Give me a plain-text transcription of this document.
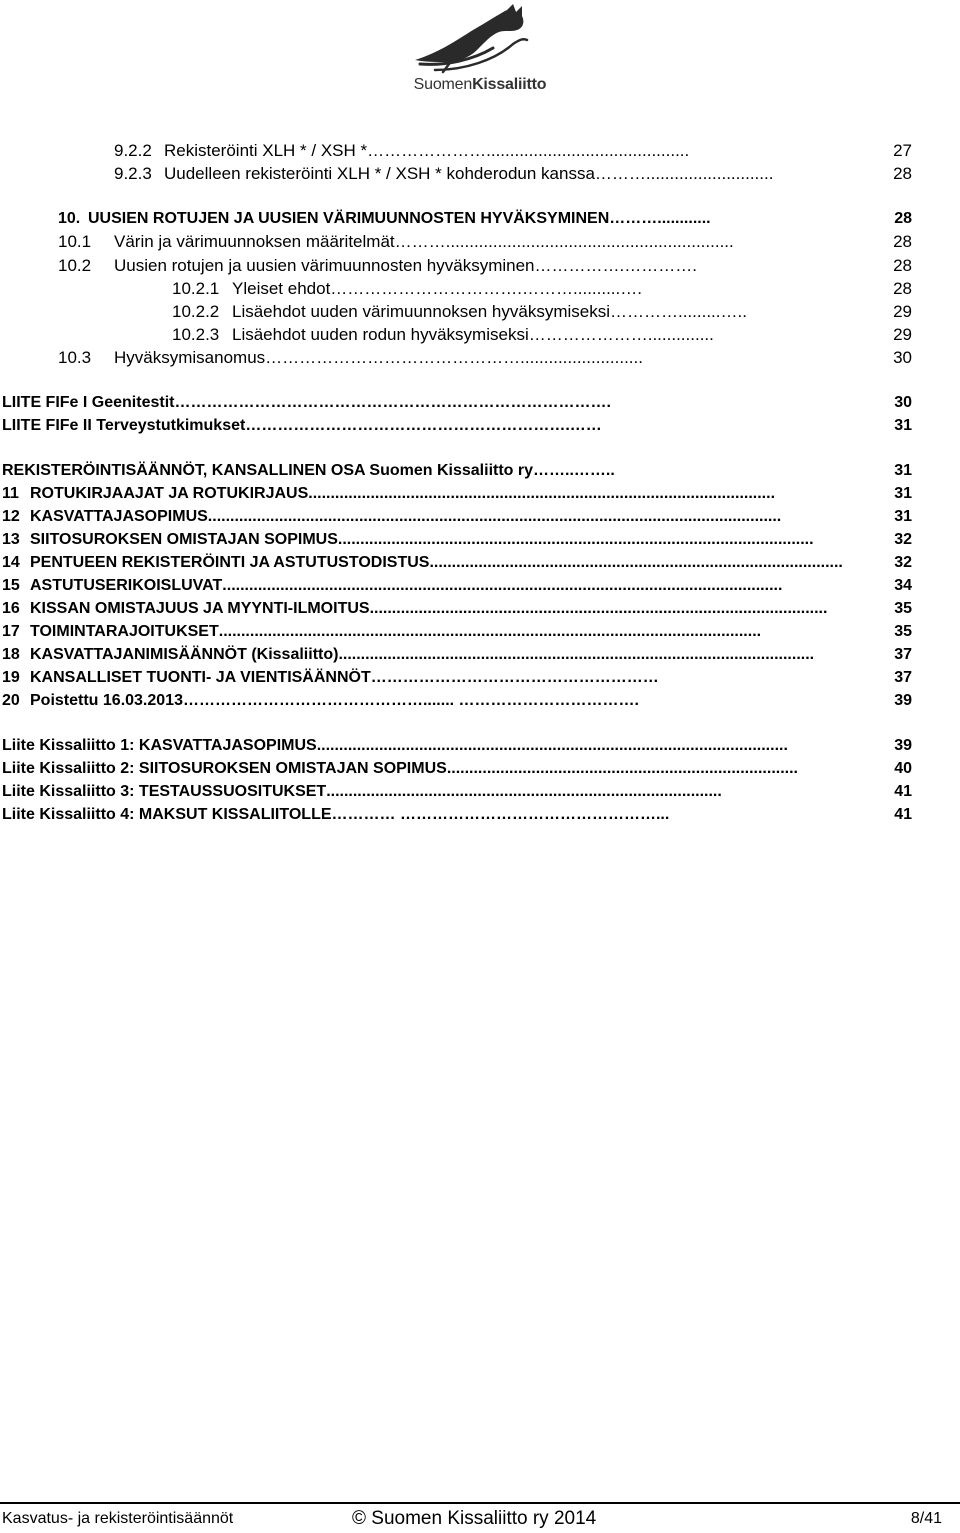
SuomenKissaliitto
9.2.2 Rekisteröinti XLH * / XSH * …………………...........................................	27
9.2.3 Uudelleen rekisteröinti XLH * / XSH * kohderodun kanssa ………...........................	28
10. UUSIEN ROTUJEN JA UUSIEN VÄRIMUUNNOSTEN HYVÄKSYMINEN ………............	28
10.1 Värin ja värimuunnoksen määritelmät ……….............................................................	28
10.2 Uusien rotujen ja uusien värimuunnosten hyväksyminen …………….………….	28
10.2.1 Yleiset ehdot …………………………….………..........….	28
10.2.2 Lisäehdot uuden värimuunnoksen hyväksymiseksi ………….........…..	29
10.2.3 Lisäehdot uuden rodun hyväksymiseksi …………………..............	29
10.3 Hyväksymisanomus ………………………………………..........................	30
LIITE FIFe I Geenitestit ……………………………………………………………………….	30
LIITE FIFe II Terveystutkimukset …………………………………………………….……	31
REKISTERÖINTISÄÄNNÖT, KANSALLINEN OSA Suomen Kissaliitto ry ……..……..	31
11 ROTUKIRJAAJAT JA ROTUKIRJAUS .........................................................................................................	31
12 KASVATTAJASOPIMUS .................................................................................................................................	31
13 SIITOSUROKSEN OMISTAJAN SOPIMUS ...........................................................................................................	32
14 PENTUEEN REKISTERÖINTI JA ASTUTUSTODISTUS .............................................................................................	32
15 ASTUTUSERIKOISLUVAT ..............................................................................................................................	34
16 KISSAN OMISTAJUUS JA MYYNTI-ILMOITUS .......................................................................................................	35
17 TOIMINTARAJOITUKSET ..........................................................................................................................	35
18 KASVATTAJANIMISÄÄNNÖT (Kissaliitto) ...........................................................................................................	37
19 KANSALLISET TUONTI- JA VIENTISÄÄNNÖT ………………………………………………	37
20 Poistettu 16.03.2013 ………………………………………....... …………………………….	39
Liite Kissaliitto 1: KASVATTAJASOPIMUS ..........................................................................................................	39
Liite Kissaliitto 2: SIITOSUROKSEN OMISTAJAN SOPIMUS ...............................................................................	40
Liite Kissaliitto 3: TESTAUSSUOSITUKSET .........................................................................................	41
Liite Kissaliitto 4: MAKSUT KISSALIITOLLE ………… …………………………………………...	41
Kasvatus- ja rekisteröintisäännöt	© Suomen Kissaliitto ry 2014	8/41
